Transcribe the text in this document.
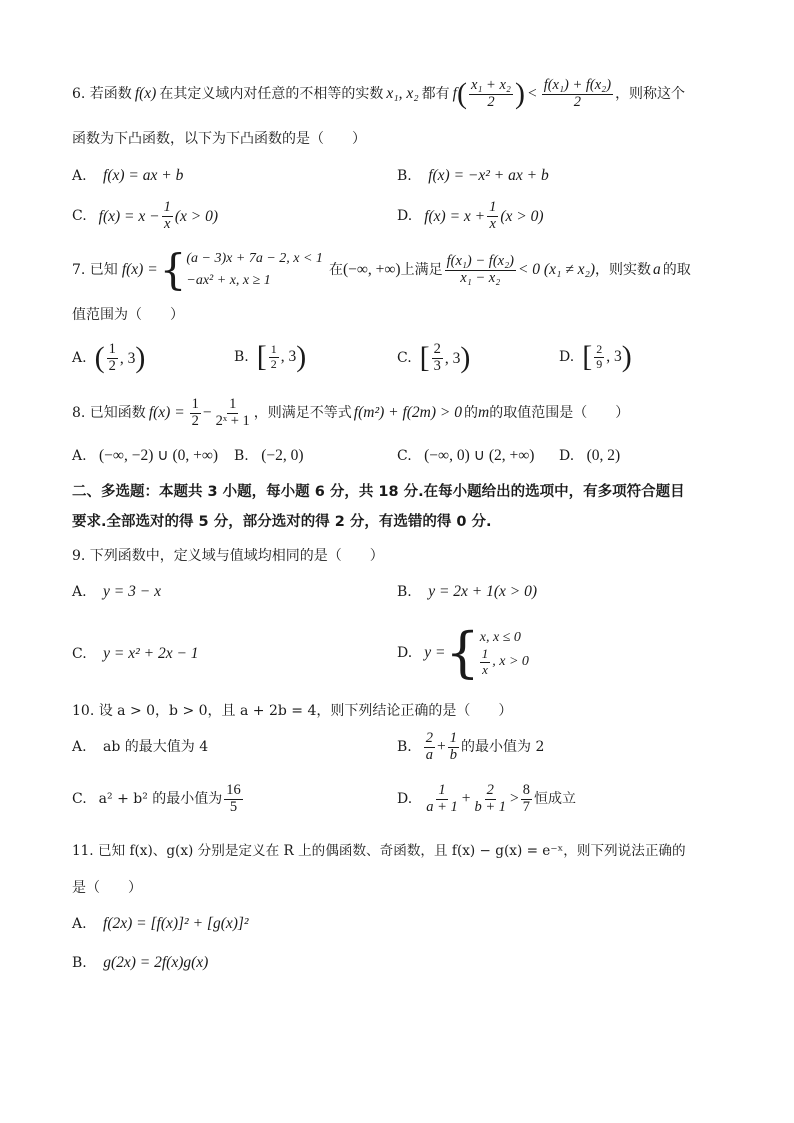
6. 若函数 f(x) 在其定义域内对任意的不相等的实数 x₁, x₂ 都有 f ( $\frac{\text{x₁ + x₂}}{2}$ ) < $\frac{\text{f(x₁) + f(x₂)}}{2}$ ，则称这个
函数为下凸函数，以下为下凸函数的是（　　）
A. f(x) = ax + b	B. f(x) = −x² + ax + b
C. $f(x) = x - \frac{1}{x} (x > 0)$	D. $f(x) = x + \frac{1}{x} (x > 0)$
7. 已知 f(x) = { (a − 3)x + 7a − 2, x < 1
−ax² + x, x ≥ 1
在 (−∞, +∞) 上满足 $\frac{\text{f(x₁) − f(x₂)}}{\text{x₁ − x₂}} < 0$ (x₁ ≠ x₂) ，则实数 a 的取
值范围为（　　）
A. ( $\frac{1}{2}$ , 3 )	B. [ $\frac{1}{2}$ , 3 )	C. [ $\frac{2}{3}$ , 3 )	D. [ $\frac{2}{9}$ , 3 )
8. 已知函数 $f(x) = \frac{1}{2} - \frac{1}{\text{2ˣ + 1}}$ ，则满足不等式 f(m²) + f(2m) > 0 的 m 的取值范围是（　　）
A. (−∞, −2) ∪ (0, +∞) B. (−2, 0)	C. (−∞, 0) ∪ (2, +∞) D. (0, 2)
二、多选题：本题共 3 小题，每小题 6 分，共 18 分.在每小题给出的选项中，有多项符合题目
要求.全部选对的得 5 分，部分选对的得 2 分，有选错的得 0 分.
9. 下列函数中，定义域与值域均相同的是（　　）
A. y = 3 − x	B. y = 2x + 1(x > 0)
C. y = x² + 2x − 1	D. y = { x, x ≤ 0
$\frac{1}{x}$ , x > 0
10. 设 a > 0，b > 0，且 a + 2b = 4，则下列结论正确的是（　　）
A. ab 的最大值为 4	B. $\frac{2}{a} + \frac{1}{b}$ 的最小值为 2
C. a² + b² 的最小值为 $\frac{16}{5}$	D. $\frac{1}{a + 1} + \frac{2}{b + 1} > \frac{8}{7}$ 恒成立
11. 已知 f(x)、g(x) 分别是定义在 R 上的偶函数、奇函数，且 f(x) − g(x) = e⁻ˣ，则下列说法正确的
是（　　）
A. f(2x) = [f(x)]² + [g(x)]²
B. g(2x) = 2f(x)g(x)
